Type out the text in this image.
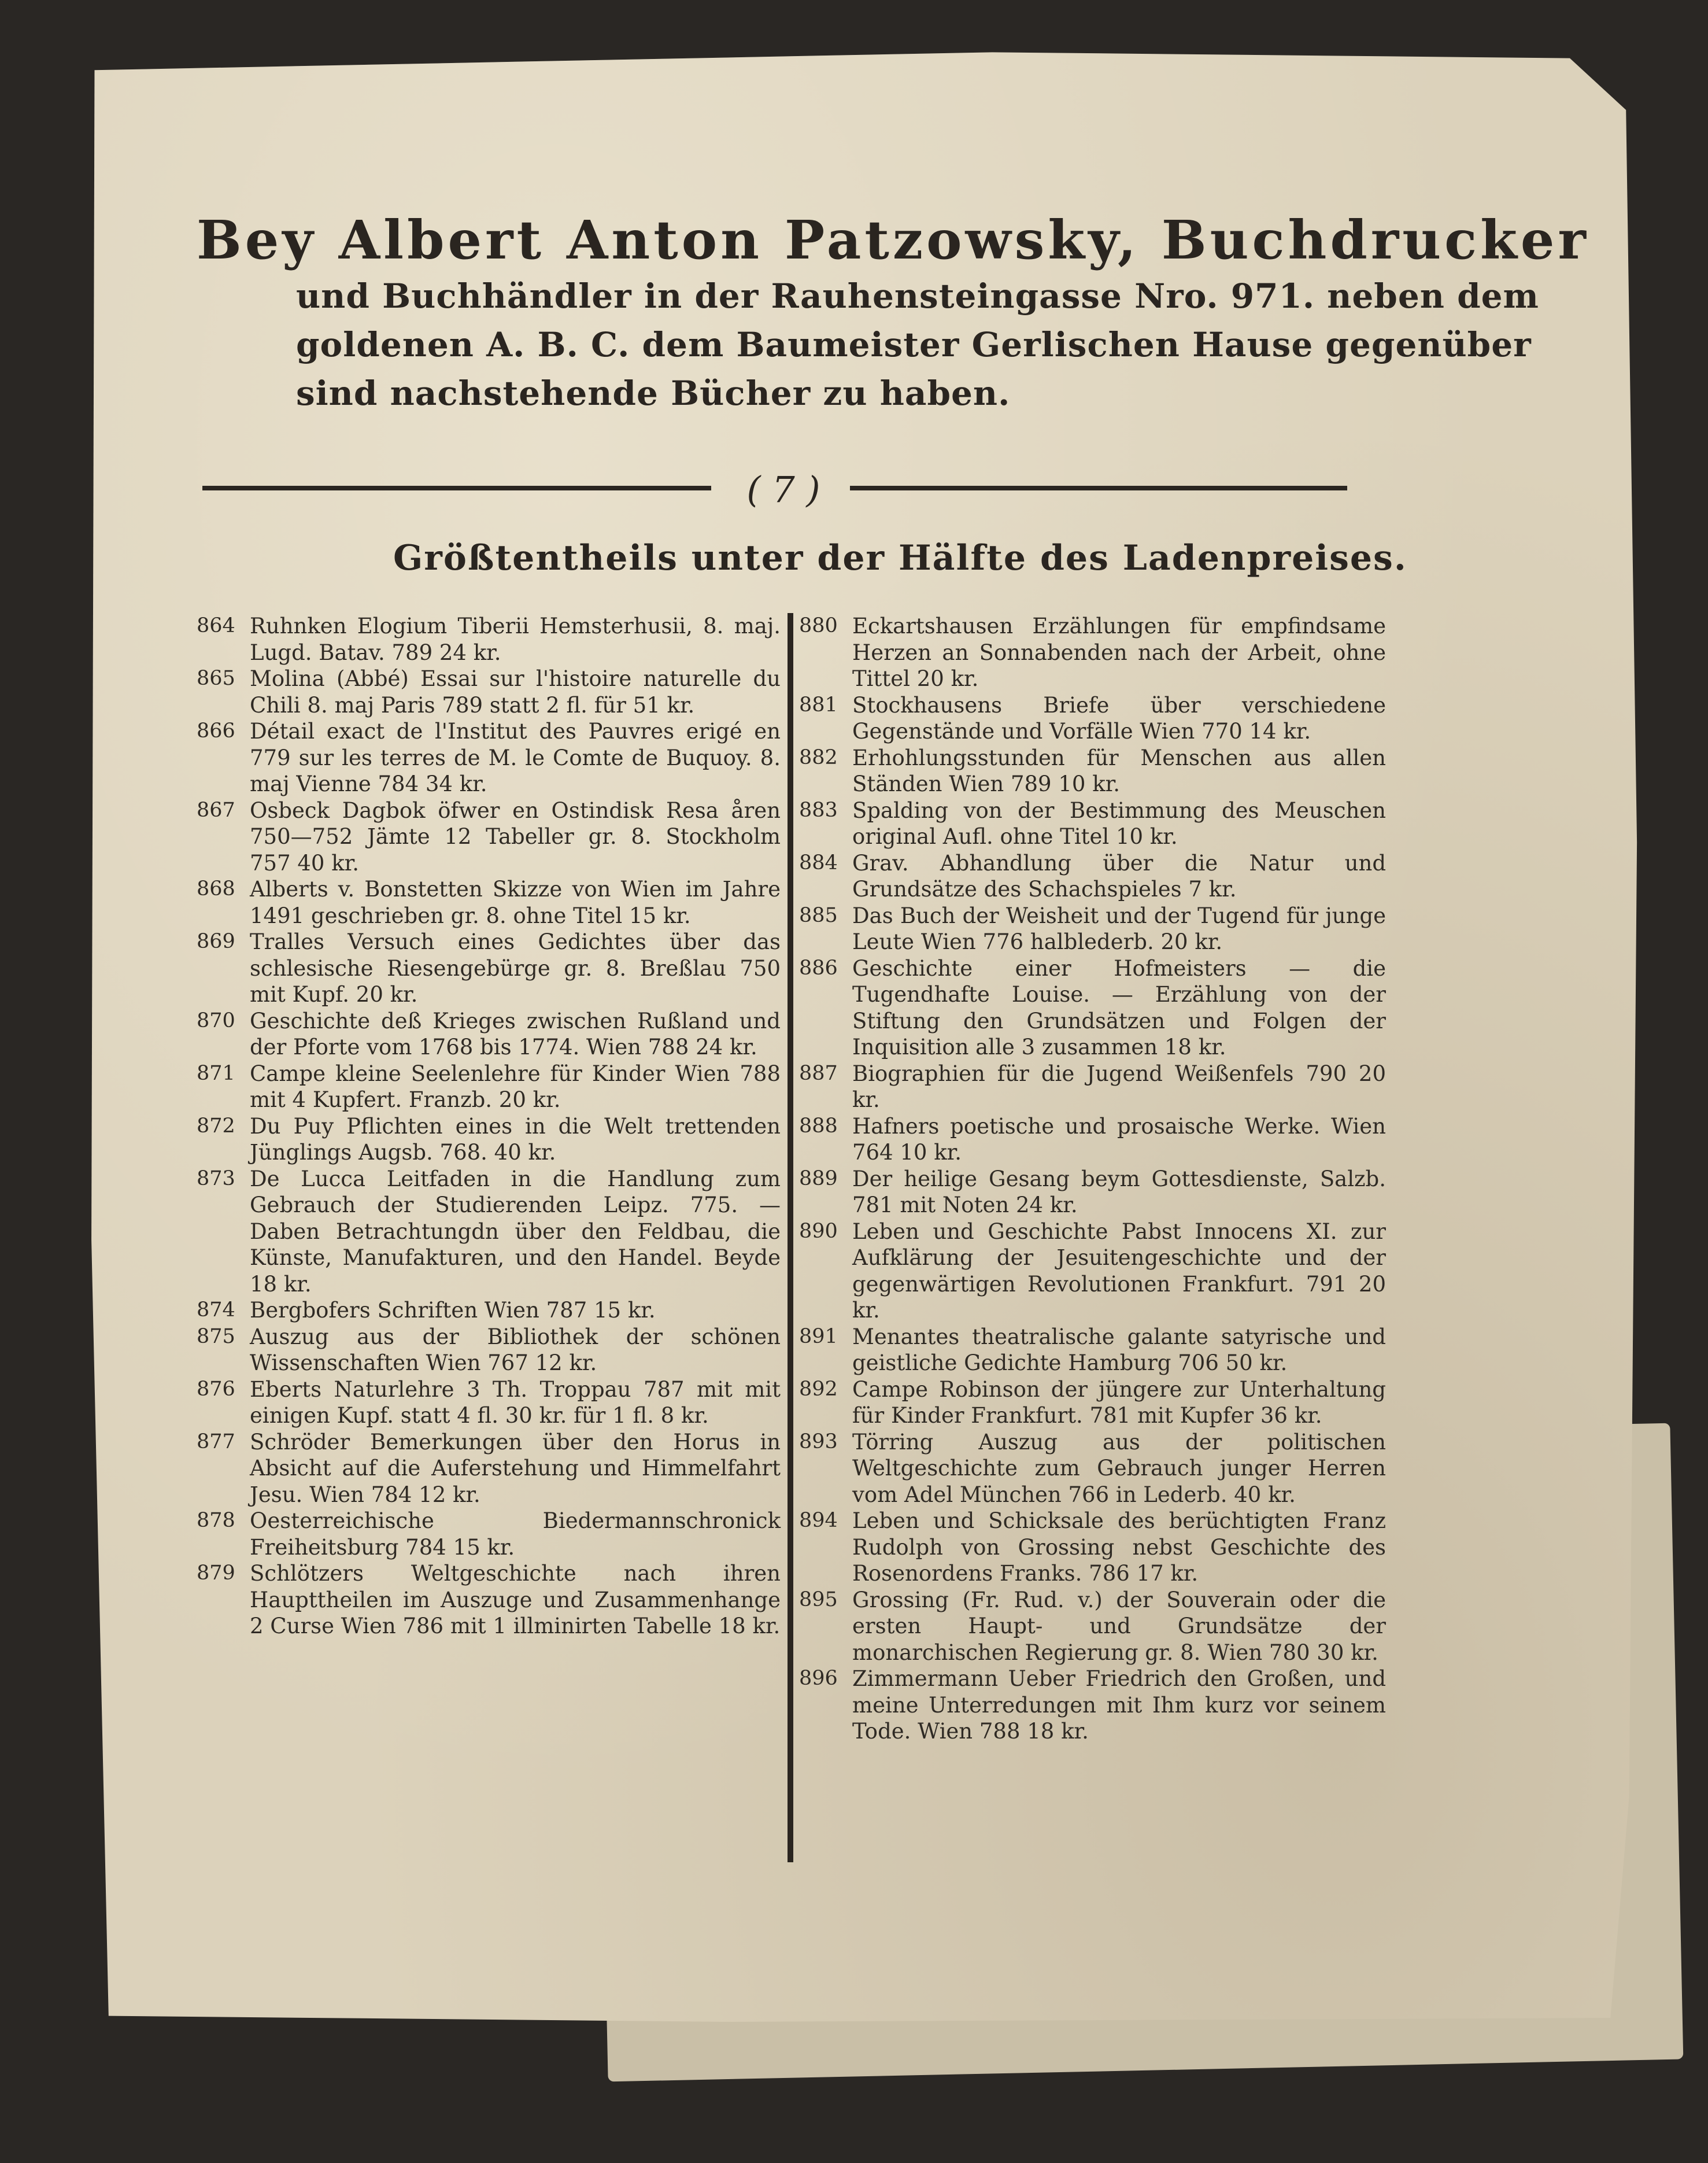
Bey Albert Anton Patzowsky, Buchdrucker
und Buchhändler in der Rauhensteingasse Nro. 971. neben dem
goldenen A. B. C. dem Baumeister Gerlischen Hause gegenüber
sind nachstehende Bücher zu haben.
( 7 )
Größtentheils unter der Hälfte des Ladenpreises.
864 Ruhnken Elogium Tiberii Hemsterhusii, 8. maj. Lugd. Batav. 789 24 kr.
865 Molina (Abbé) Essai sur l'histoire naturelle du Chili 8. maj Paris 789 statt 2 fl. für 51 kr.
866 Détail exact de l'Institut des Pauvres erigé en 779 sur les terres de M. le Comte de Buquoy. 8. maj Vienne 784 34 kr.
867 Osbeck Dagbok öfwer en Ostindisk Resa åren 750—752 Jämte 12 Tabeller gr. 8. Stockholm 757 40 kr.
868 Alberts v. Bonstetten Skizze von Wien im Jahre 1491 geschrieben gr. 8. ohne Titel 15 kr.
869 Tralles Versuch eines Gedichtes über das schlesische Riesengebürge gr. 8. Breßlau 750 mit Kupf. 20 kr.
870 Geschichte deß Krieges zwischen Rußland und der Pforte vom 1768 bis 1774. Wien 788 24 kr.
871 Campe kleine Seelenlehre für Kinder Wien 788 mit 4 Kupfert. Franzb. 20 kr.
872 Du Puy Pflichten eines in die Welt trettenden Jünglings Augsb. 768. 40 kr.
873 De Lucca Leitfaden in die Handlung zum Gebrauch der Studierenden Leipz. 775. — Daben Betrachtungdn über den Feldbau, die Künste, Manufakturen, und den Handel. Beyde 18 kr.
874 Bergbofers Schriften Wien 787 15 kr.
875 Auszug aus der Bibliothek der schönen Wissenschaften Wien 767 12 kr.
876 Eberts Naturlehre 3 Th. Troppau 787 mit mit einigen Kupf. statt 4 fl. 30 kr. für 1 fl. 8 kr.
877 Schröder Bemerkungen über den Horus in Absicht auf die Auferstehung und Himmelfahrt Jesu. Wien 784 12 kr.
878 Oesterreichische Biedermannschronick Freiheitsburg 784 15 kr.
879 Schlötzers Weltgeschichte nach ihren Haupttheilen im Auszuge und Zusammenhange 2 Curse Wien 786 mit 1 illminirten Tabelle 18 kr.
880 Eckartshausen Erzählungen für empfindsame Herzen an Sonnabenden nach der Arbeit, ohne Tittel 20 kr.
881 Stockhausens Briefe über verschiedene Gegenstände und Vorfälle Wien 770 14 kr.
882 Erhohlungsstunden für Menschen aus allen Ständen Wien 789 10 kr.
883 Spalding von der Bestimmung des Meuschen original Aufl. ohne Titel 10 kr.
884 Grav. Abhandlung über die Natur und Grundsätze des Schachspieles 7 kr.
885 Das Buch der Weisheit und der Tugend für junge Leute Wien 776 halblederb. 20 kr.
886 Geschichte einer Hofmeisters — die Tugendhafte Louise. — Erzählung von der Stiftung den Grundsätzen und Folgen der Inquisition alle 3 zusammen 18 kr.
887 Biographien für die Jugend Weißenfels 790 20 kr.
888 Hafners poetische und prosaische Werke. Wien 764 10 kr.
889 Der heilige Gesang beym Gottesdienste, Salzb. 781 mit Noten 24 kr.
890 Leben und Geschichte Pabst Innocens XI. zur Aufklärung der Jesuitengeschichte und der gegenwärtigen Revolutionen Frankfurt. 791 20 kr.
891 Menantes theatralische galante satyrische und geistliche Gedichte Hamburg 706 50 kr.
892 Campe Robinson der jüngere zur Unterhaltung für Kinder Frankfurt. 781 mit Kupfer 36 kr.
893 Törring Auszug aus der politischen Weltgeschichte zum Gebrauch junger Herren vom Adel München 766 in Lederb. 40 kr.
894 Leben und Schicksale des berüchtigten Franz Rudolph von Grossing nebst Geschichte des Rosenordens Franks. 786 17 kr.
895 Grossing (Fr. Rud. v.) der Souverain oder die ersten Haupt- und Grundsätze der monarchischen Regierung gr. 8. Wien 780 30 kr.
896 Zimmermann Ueber Friedrich den Großen, und meine Unterredungen mit Ihm kurz vor seinem Tode. Wien 788 18 kr.
